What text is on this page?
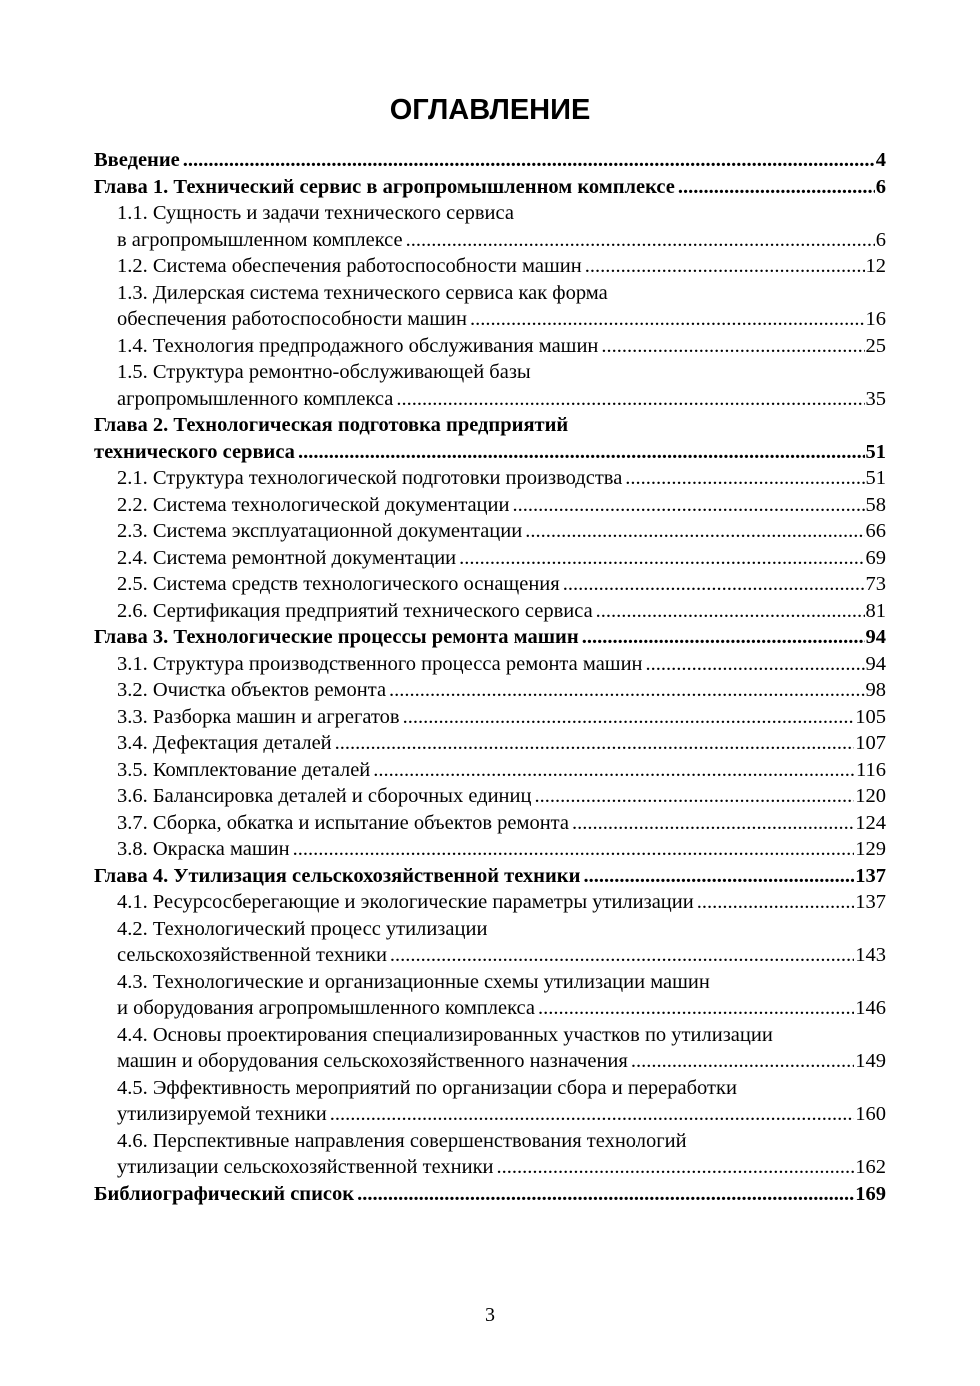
ОГЛАВЛЕНИЕ
Введение .....	4
Глава 1. Технический сервис в агропромышленном комплексе .....	6
1.1. Сущность и задачи технического сервиса
в агропромышленном комплексе .....	6
1.2. Система обеспечения работоспособности машин .....	12
1.3. Дилерская система технического сервиса как форма
обеспечения работоспособности машин .....	16
1.4. Технология предпродажного обслуживания машин .....	25
1.5. Структура ремонтно-обслуживающей базы
агропромышленного комплекса .....	35
Глава 2. Технологическая подготовка предприятий
технического сервиса .....	51
2.1. Структура технологической подготовки производства .....	51
2.2. Система технологической документации .....	58
2.3. Система эксплуатационной документации .....	66
2.4. Система ремонтной документации .....	69
2.5. Система средств технологического оснащения .....	73
2.6. Сертификация предприятий технического сервиса .....	81
Глава 3. Технологические процессы ремонта машин .....	94
3.1. Структура производственного процесса ремонта машин .....	94
3.2. Очистка объектов ремонта .....	98
3.3. Разборка машин и агрегатов .....	105
3.4. Дефектация деталей .....	107
3.5. Комплектование деталей .....	116
3.6. Балансировка деталей и сборочных единиц .....	120
3.7. Сборка, обкатка и испытание объектов ремонта .....	124
3.8. Окраска машин .....	129
Глава 4. Утилизация сельскохозяйственной техники .....	137
4.1. Ресурсосберегающие и экологические параметры утилизации .....	137
4.2. Технологический процесс утилизации
сельскохозяйственной техники .....	143
4.3. Технологические и организационные схемы утилизации машин
и оборудования агропромышленного комплекса .....	146
4.4. Основы проектирования специализированных участков по утилизации
машин и оборудования сельскохозяйственного назначения .....	149
4.5. Эффективность мероприятий по организации сбора и переработки
утилизируемой техники .....	160
4.6. Перспективные направления совершенствования технологий
утилизации сельскохозяйственной техники .....	162
Библиографический список .....	169
3
